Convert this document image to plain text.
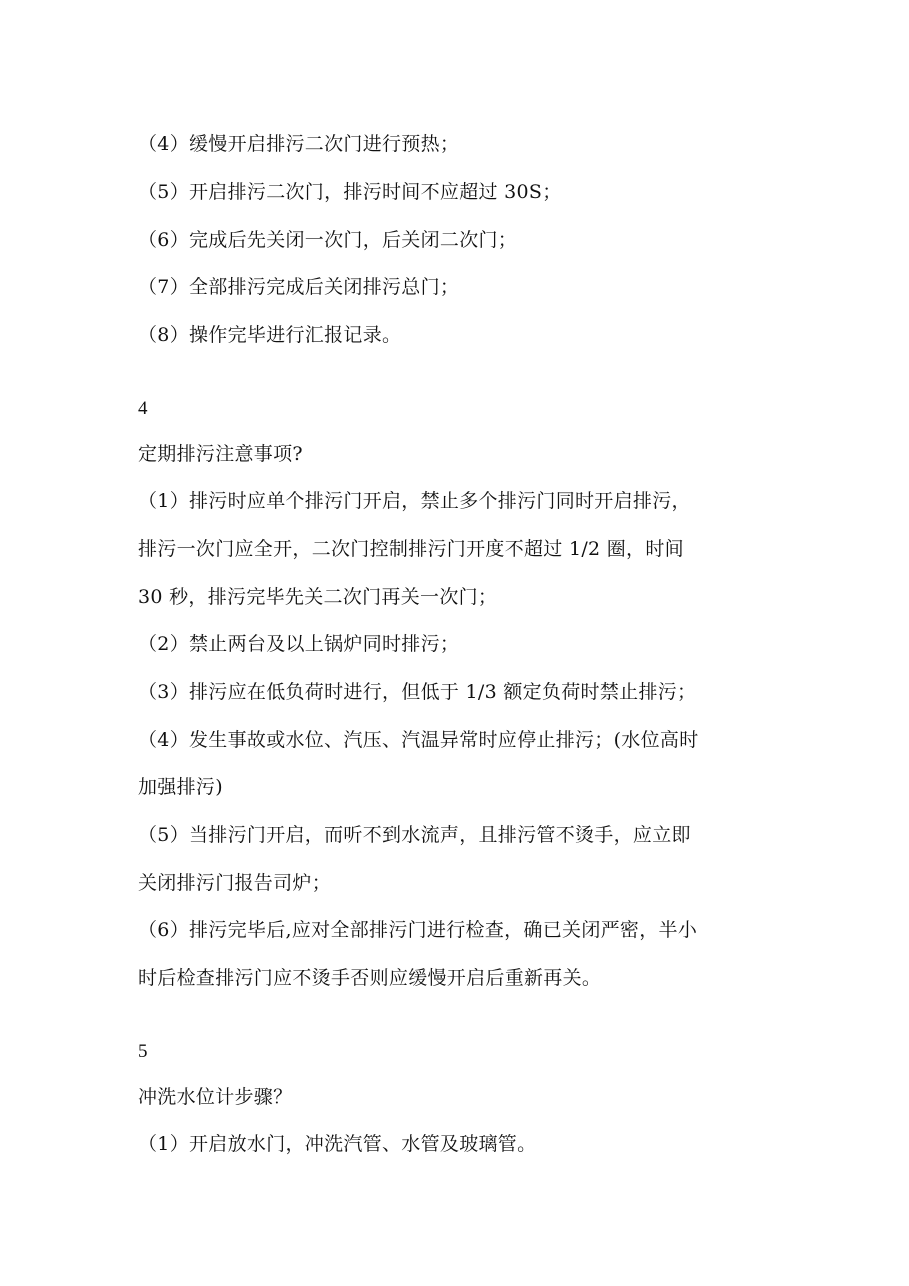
（4）缓慢开启排污二次门进行预热；
（5）开启排污二次门，排污时间不应超过 30S；
（6）完成后先关闭一次门，后关闭二次门；
（7）全部排污完成后关闭排污总门；
（8）操作完毕进行汇报记录。
4
定期排污注意事项?
（1）排污时应单个排污门开启，禁止多个排污门同时开启排污，
排污一次门应全开，二次门控制排污门开度不超过 1/2 圈，时间
30 秒，排污完毕先关二次门再关一次门；
（2）禁止两台及以上锅炉同时排污；
（3）排污应在低负荷时进行，但低于 1/3 额定负荷时禁止排污；
（4）发生事故或水位、汽压、汽温异常时应停止排污；(水位高时
加强排污)
（5）当排污门开启，而听不到水流声，且排污管不烫手，应立即
关闭排污门报告司炉；
（6）排污完毕后,应对全部排污门进行检查，确已关闭严密，半小
时后检查排污门应不烫手否则应缓慢开启后重新再关。
5
冲洗水位计步骤？
（1）开启放水门，冲洗汽管、水管及玻璃管。
